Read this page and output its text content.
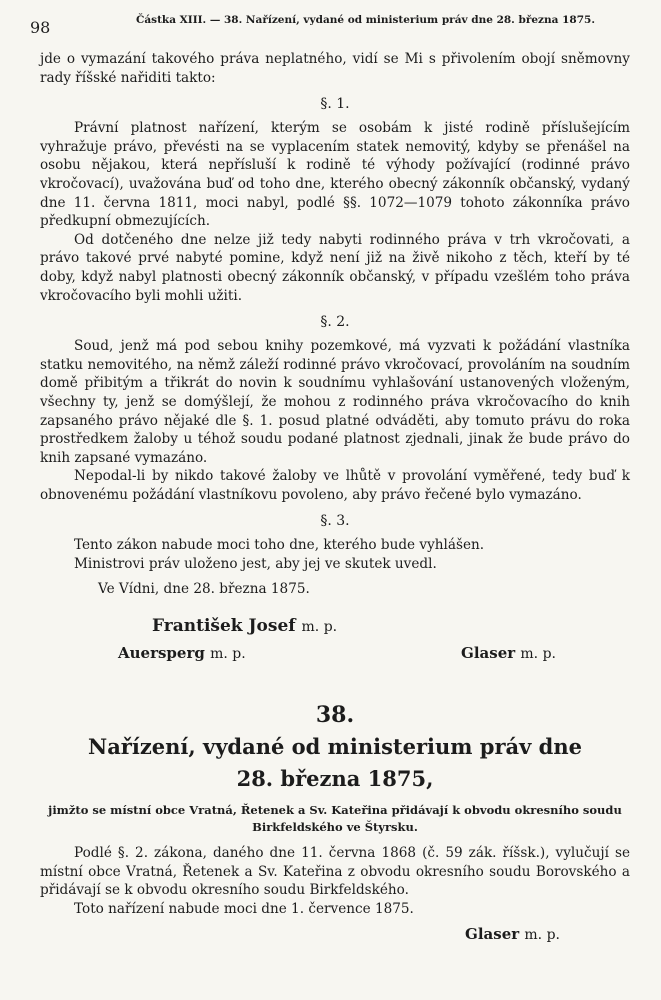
98	Částka XIII. — 38. Nařízení, vydané od ministerium práv dne 28. března 1875.

jde o vymazání takového práva neplatného, vidí se Mi s přivolením obojí sněmovny rady říšské nařiditi takto:

§. 1.

Právní platnost nařízení, kterým se osobám k jisté rodině příslušejícím vyhražuje právo, převésti na se vyplacením statek nemovitý, kdyby se přenášel na osobu nějakou, která nepřísluší k rodině té výhody požívající (rodinné právo vkročovací), uvažována buď od toho dne, kterého obecný zákonník občanský, vydaný dne 11. června 1811, moci nabyl, podlé §§. 1072—1079 tohoto zákonníka právo předkupní obmezujících.

Od dotčeného dne nelze již tedy nabyti rodinného práva v trh vkročovati, a právo takové prvé nabyté pomine, když není již na živě nikoho z těch, kteří by té doby, když nabyl platnosti obecný zákonník občanský, v případu vzešlém toho práva vkročovacího byli mohli užiti.

§. 2.

Soud, jenž má pod sebou knihy pozemkové, má vyzvati k požádání vlastníka statku nemovitého, na němž záleží rodinné právo vkročovací, provoláním na soudním domě přibitým a třikrát do novin k soudnímu vyhlašování ustanovených vloženým, všechny ty, jenž se domýšlejí, že mohou z rodinného práva vkročovacího do knih zapsaného právo nějaké dle §. 1. posud platné odváděti, aby tomuto právu do roka prostředkem žaloby u téhož soudu podané platnost zjednali, jinak že bude právo do knih zapsané vymazáno.

Nepodal-li by nikdo takové žaloby ve lhůtě v provolání vyměřené, tedy buď k obnovenému požádání vlastníkovu povoleno, aby právo řečené bylo vymazáno.

§. 3.

Tento zákon nabude moci toho dne, kterého bude vyhlášen.

Ministrovi práv uloženo jest, aby jej ve skutek uvedl.

Ve Vídni, dne 28. března 1875.

František Josef m. p.
Auersperg m. p.	Glaser m. p.
38.
Nařízení, vydané od ministerium práv dne
28. března 1875,
jimžto se místní obce Vratná, Řetenek a Sv. Kateřina přidávají k obvodu okresního soudu Birkfeldského ve Štyrsku.

Podlé §. 2. zákona, daného dne 11. června 1868 (č. 59 zák. říšsk.), vylučují se místní obce Vratná, Řetenek a Sv. Kateřina z obvodu okresního soudu Borovského a přidávají se k obvodu okresního soudu Birkfeldského.

Toto nařízení nabude moci dne 1. července 1875.

Glaser m. p.
